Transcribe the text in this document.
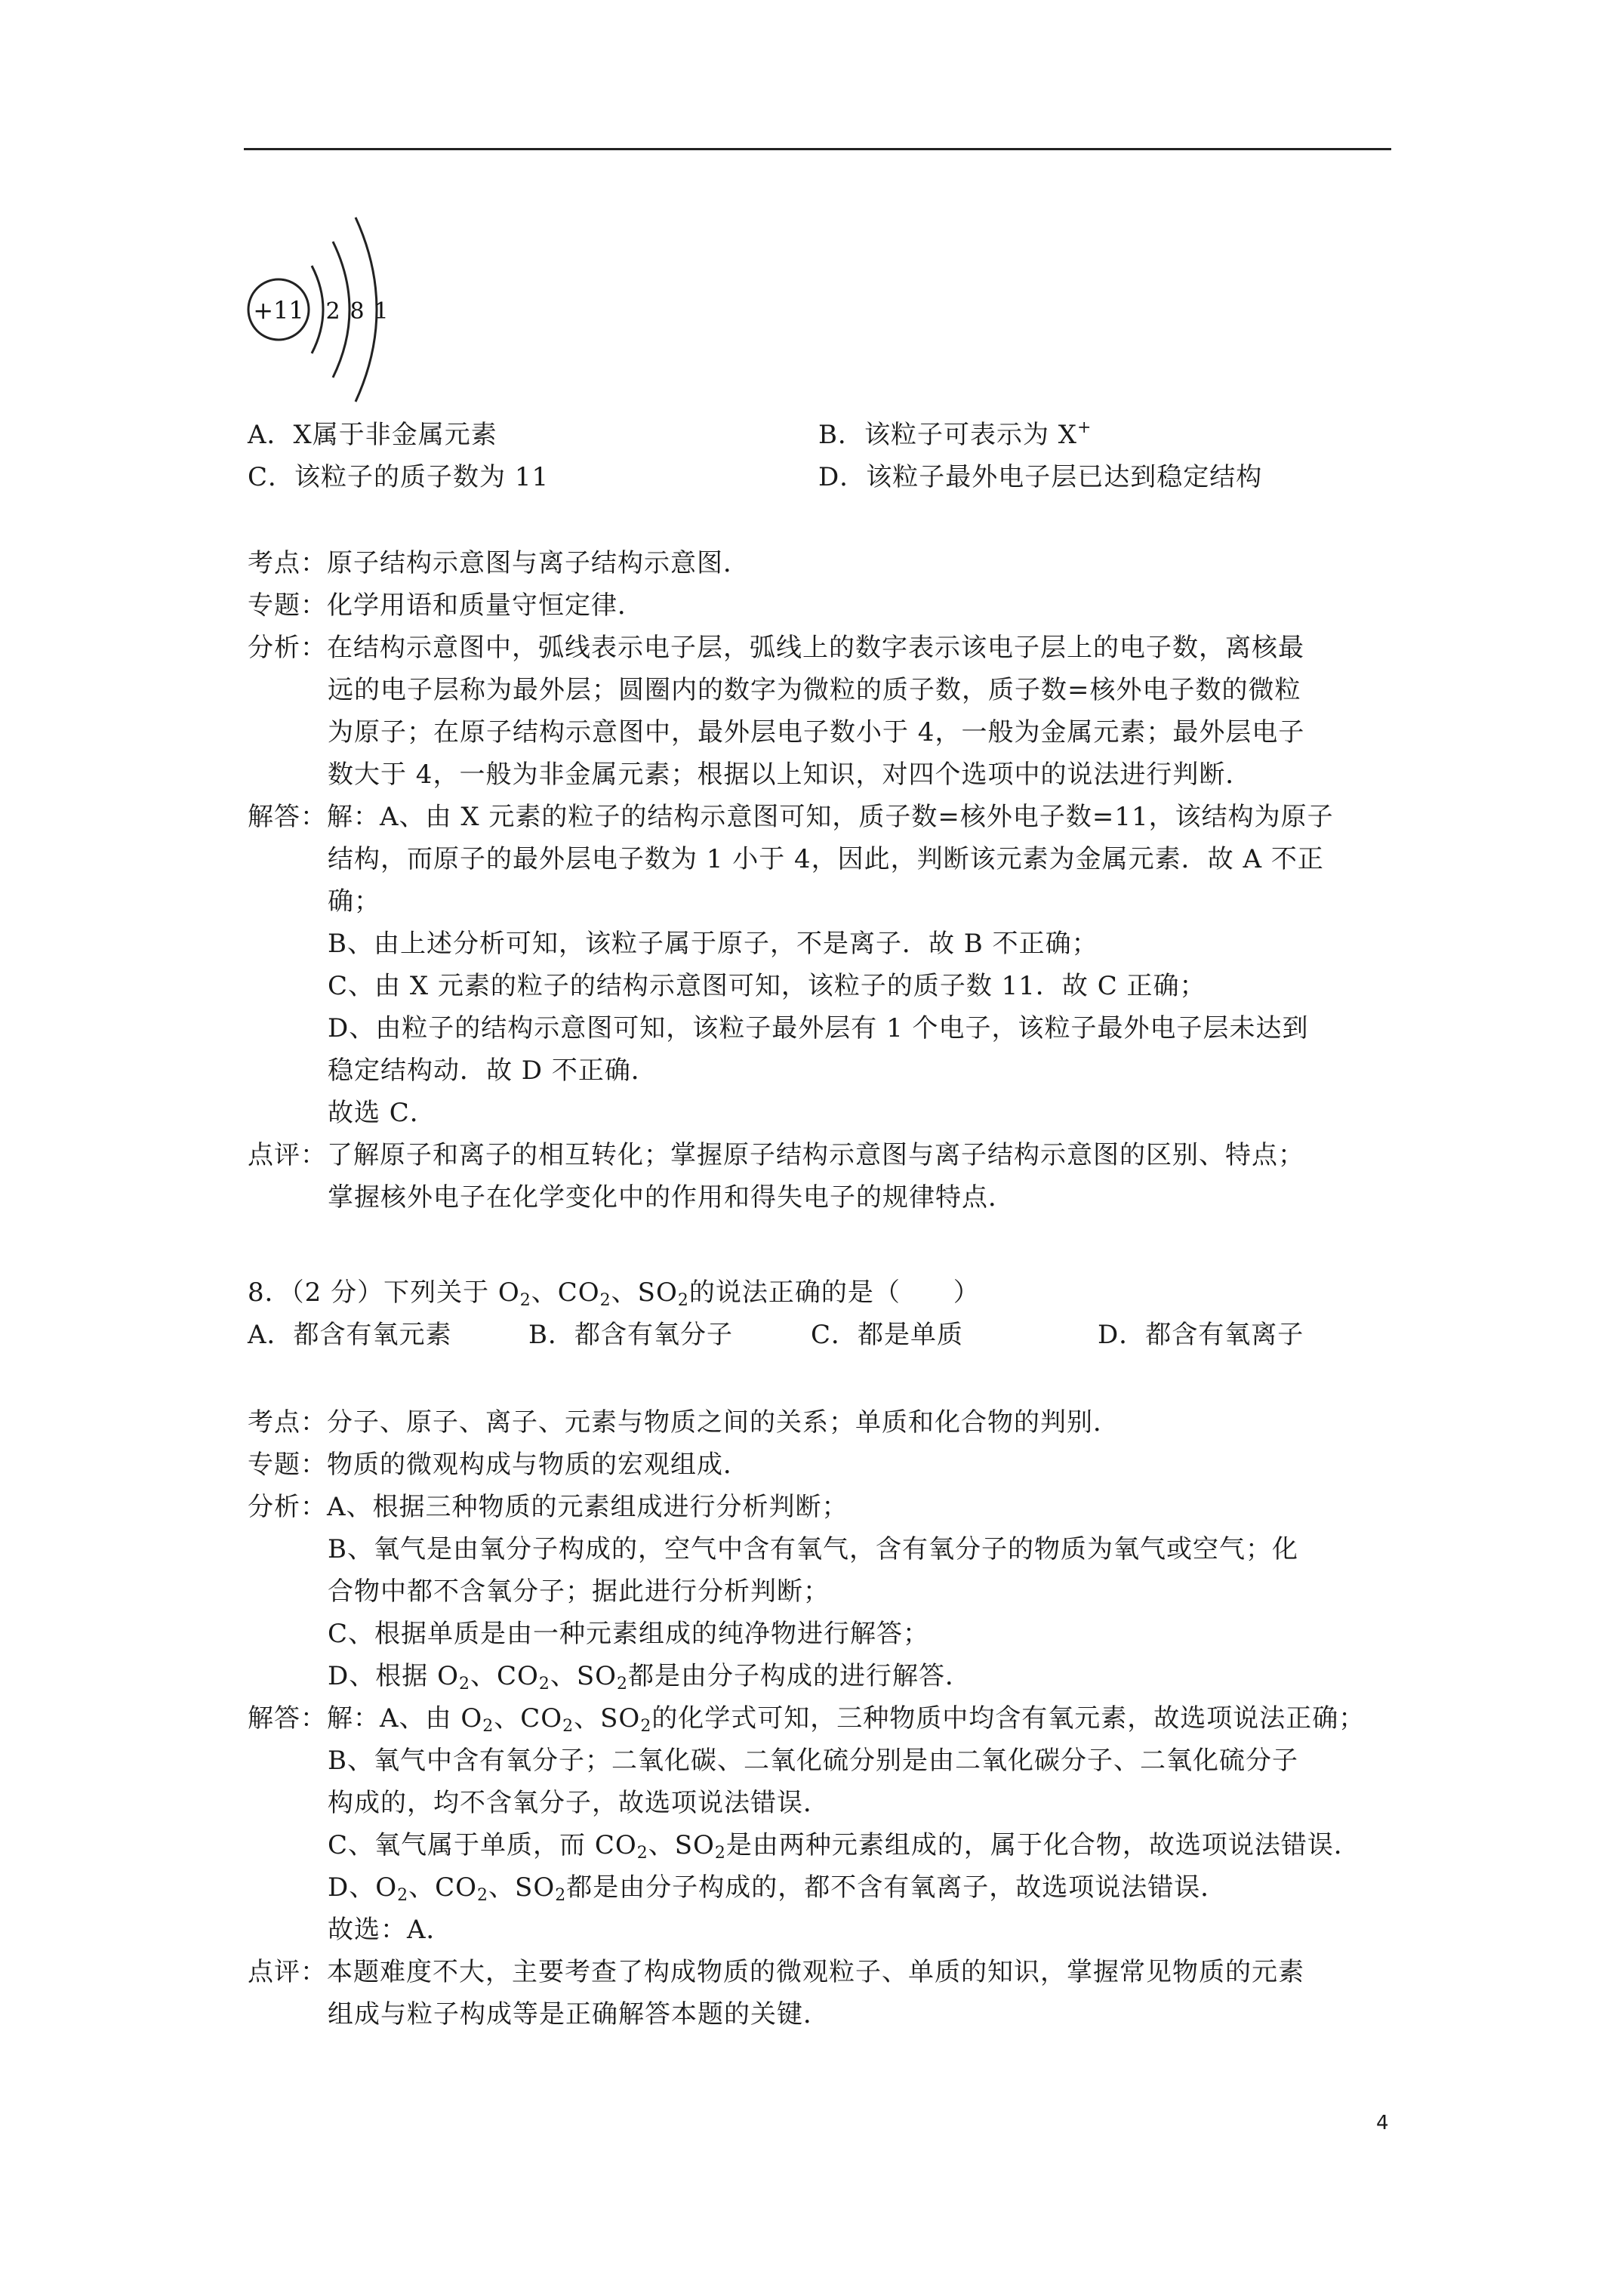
+11 2 8 1
A．X属于非金属元素	B．该粒子可表示为 X+
C．该粒子的质子数为 11	D．该粒子最外电子层已达到稳定结构
考点：原子结构示意图与离子结构示意图．
专题：化学用语和质量守恒定律．
分析：在结构示意图中，弧线表示电子层，弧线上的数字表示该电子层上的电子数，离核最
远的电子层称为最外层；圆圈内的数字为微粒的质子数，质子数=核外电子数的微粒
为原子；在原子结构示意图中，最外层电子数小于 4，一般为金属元素；最外层电子
数大于 4，一般为非金属元素；根据以上知识，对四个选项中的说法进行判断．
解答：解：A、由 X 元素的粒子的结构示意图可知，质子数=核外电子数=11，该结构为原子
结构，而原子的最外层电子数为 1 小于 4，因此，判断该元素为金属元素．故 A 不正
确；
B、由上述分析可知，该粒子属于原子，不是离子．故 B 不正确；
C、由 X 元素的粒子的结构示意图可知，该粒子的质子数 11．故 C 正确；
D、由粒子的结构示意图可知，该粒子最外层有 1 个电子，该粒子最外电子层未达到
稳定结构动．故 D 不正确．
故选 C．
点评：了解原子和离子的相互转化；掌握原子结构示意图与离子结构示意图的区别、特点；
掌握核外电子在化学变化中的作用和得失电子的规律特点．
8．（2 分）下列关于 $O_2$、$CO_2$、$SO_2$的说法正确的是（　　）
A．都含有氧元素	B．都含有氧分子	C．都是单质	D．都含有氧离子
考点：分子、原子、离子、元素与物质之间的关系；单质和化合物的判别．
专题：物质的微观构成与物质的宏观组成．
分析：A、根据三种物质的元素组成进行分析判断；
B、氧气是由氧分子构成的，空气中含有氧气，含有氧分子的物质为氧气或空气；化
合物中都不含氧分子；据此进行分析判断；
C、根据单质是由一种元素组成的纯净物进行解答；
D、根据 $O_2$、$CO_2$、$SO_2$都是由分子构成的进行解答．
解答：解：A、由 $O_2$、$CO_2$、$SO_2$的化学式可知，三种物质中均含有氧元素，故选项说法正确；
B、氧气中含有氧分子；二氧化碳、二氧化硫分别是由二氧化碳分子、二氧化硫分子
构成的，均不含氧分子，故选项说法错误．
C、氧气属于单质，而 $CO_2$、$SO_2$是由两种元素组成的，属于化合物，故选项说法错误．
D、$O_2$、$CO_2$、$SO_2$都是由分子构成的，都不含有氧离子，故选项说法错误．
故选：A．
点评：本题难度不大，主要考查了构成物质的微观粒子、单质的知识，掌握常见物质的元素
组成与粒子构成等是正确解答本题的关键．
4
